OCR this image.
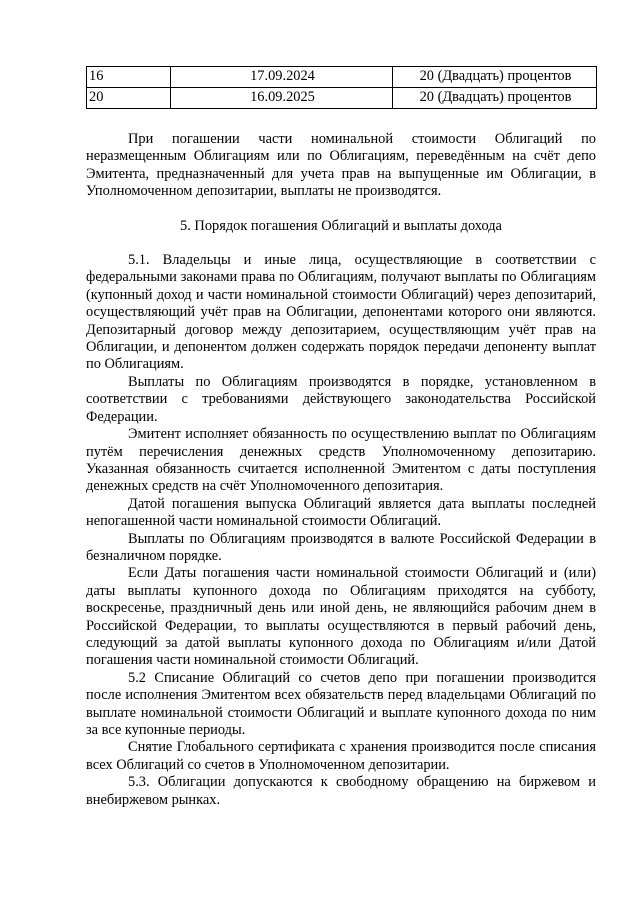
16	17.09.2024	20 (Двадцать) процентов
20	16.09.2025	20 (Двадцать) процентов

При погашении части номинальной стоимости Облигаций по неразмещенным Облигациям или по Облигациям, переведённым на счёт депо Эмитента, предназначенный для учета прав на выпущенные им Облигации, в Уполномоченном депозитарии, выплаты не производятся.

5. Порядок погашения Облигаций и выплаты дохода

5.1. Владельцы и иные лица, осуществляющие в соответствии с федеральными законами права по Облигациям, получают выплаты по Облигациям (купонный доход и части номинальной стоимости Облигаций) через депозитарий, осуществляющий учёт прав на Облигации, депонентами которого они являются. Депозитарный договор между депозитарием, осуществляющим учёт прав на Облигации, и депонентом должен содержать порядок передачи депоненту выплат по Облигациям.

Выплаты по Облигациям производятся в порядке, установленном в соответствии с требованиями действующего законодательства Российской Федерации.

Эмитент исполняет обязанность по осуществлению выплат по Облигациям путём перечисления денежных средств Уполномоченному депозитарию. Указанная обязанность считается исполненной Эмитентом с даты поступления денежных средств на счёт Уполномоченного депозитария.

Датой погашения выпуска Облигаций является дата выплаты последней непогашенной части номинальной стоимости Облигаций.

Выплаты по Облигациям производятся в валюте Российской Федерации в безналичном порядке.

Если Даты погашения части номинальной стоимости Облигаций и (или) даты выплаты купонного дохода по Облигациям приходятся на субботу, воскресенье, праздничный день или иной день, не являющийся рабочим днем в Российской Федерации, то выплаты осуществляются в первый рабочий день, следующий за датой выплаты купонного дохода по Облигациям и/или Датой погашения части номинальной стоимости Облигаций.

5.2 Списание Облигаций со счетов депо при погашении производится после исполнения Эмитентом всех обязательств перед владельцами Облигаций по выплате номинальной стоимости Облигаций и выплате купонного дохода по ним за все купонные периоды.

Снятие Глобального сертификата с хранения производится после списания всех Облигаций со счетов в Уполномоченном депозитарии.

5.3. Облигации допускаются к свободному обращению на биржевом и внебиржевом рынках.
